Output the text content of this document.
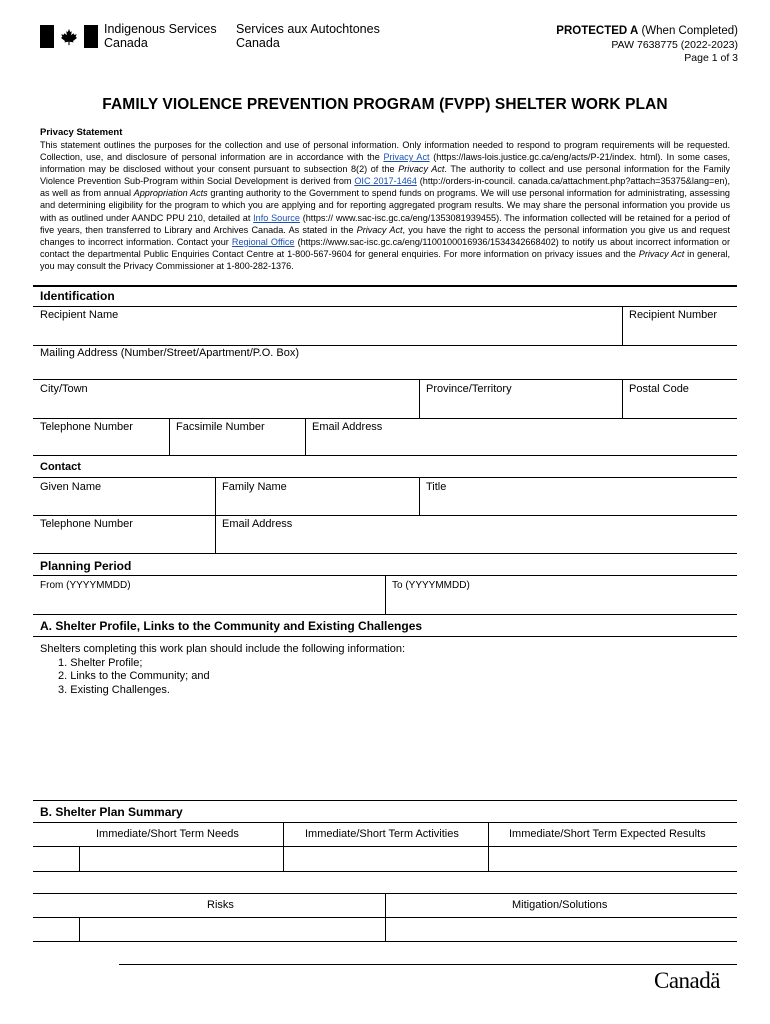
Indigenous Services
Canada
Services aux Autochtones
Canada
PROTECTED A (When Completed)
PAW 7638775 (2022-2023)
Page 1 of 3
FAMILY VIOLENCE PREVENTION PROGRAM (FVPP) SHELTER WORK PLAN
Privacy Statement
This statement outlines the purposes for the collection and use of personal information. Only information needed to respond to program requirements will be requested. Collection, use, and disclosure of personal information are in accordance with the Privacy Act (https://laws-lois.justice.gc.ca/eng/acts/P-21/index. html). In some cases, information may be disclosed without your consent pursuant to subsection 8(2) of the Privacy Act. The authority to collect and use personal information for the Family Violence Prevention Sub-Program within Social Development is derived from OIC 2017-1464 (http://orders-in-council. canada.ca/attachment.php?attach=35375&lang=en), as well as from annual Appropriation Acts granting authority to the Government to spend funds on programs. We will use personal information for administrating, assessing and determining eligibility for the program to which you are applying and for reporting aggregated program results. We may share the personal information you provide us with as outlined under AANDC PPU 210, detailed at Info Source (https:// www.sac-isc.gc.ca/eng/1353081939455). The information collected will be retained for a period of five years, then transferred to Library and Archives Canada. As stated in the Privacy Act, you have the right to access the personal information you give us and request changes to incorrect information. Contact your Regional Office (https://www.sac-isc.gc.ca/eng/1100100016936/1534342668402) to notify us about incorrect information or contact the departmental Public Enquiries Contact Centre at 1-800-567-9604 for general enquiries. For more information on privacy issues and the Privacy Act in general, you may consult the Privacy Commissioner at 1-800-282-1376.
Identification
Recipient Name	Recipient Number
Mailing Address (Number/Street/Apartment/P.O. Box)
City/Town	Province/Territory	Postal Code
Telephone Number	Facsimile Number	Email Address
Contact
Given Name	Family Name	Title
Telephone Number	Email Address
Planning Period
From (YYYYMMDD)	To (YYYYMMDD)
A. Shelter Profile, Links to the Community and Existing Challenges
Shelters completing this work plan should include the following information:
1. Shelter Profile;
2. Links to the Community; and
3. Existing Challenges.
B. Shelter Plan Summary
Immediate/Short Term Needs	Immediate/Short Term Activities	Immediate/Short Term Expected Results
Risks	Mitigation/Solutions
Canadä
